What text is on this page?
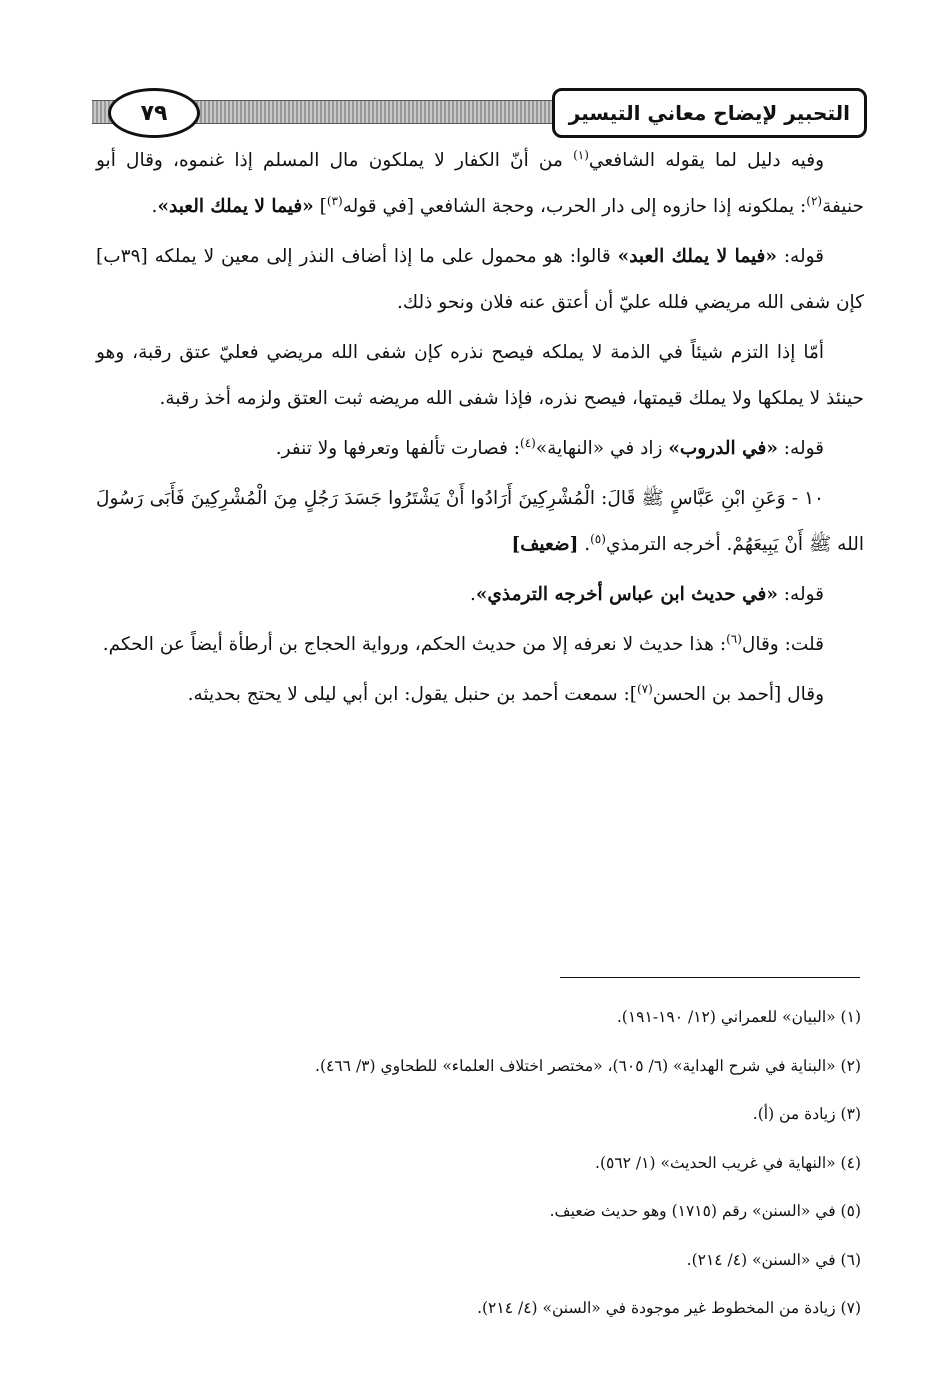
٧٩	التحبير لإيضاح معاني التيسير

وفيه دليل لما يقوله الشافعي$^{(١)}$ من أنّ الكفار لا يملكون مال المسلم إذا غنموه، وقال أبو حنيفة$^{(٢)}$: يملكونه إذا حازوه إلى دار الحرب، وحجة الشافعي [في قوله$^{(٣)}$] «فيما لا يملك العبد».

قوله: «فيما لا يملك العبد» قالوا: هو محمول على ما إذا أضاف النذر إلى معين لا يملكه [٣٩ب] كإن شفى الله مريضي فلله عليّ أن أعتق عنه فلان ونحو ذلك.

أمّا إذا التزم شيئاً في الذمة لا يملكه فيصح نذره كإن شفى الله مريضي فعليّ عتق رقبة، وهو حينئذ لا يملكها ولا يملك قيمتها، فيصح نذره، فإذا شفى الله مريضه ثبت العتق ولزمه أخذ رقبة.

قوله: «في الدروب» زاد في «النهاية»$^{(٤)}$: فصارت تألفها وتعرفها ولا تنفر.

١٠ - وَعَنِ ابْنِ عَبَّاسٍ ﷺ قَالَ: الْمُشْرِكِينَ أَرَادُوا أَنْ يَشْتَرُوا جَسَدَ رَجُلٍ مِنَ الْمُشْرِكِينَ فَأَبَى رَسُولَ الله ﷺ أَنْ يَبِيعَهُمْ. أخرجه الترمذي$^{(٥)}$. [ضعيف]

قوله: «في حديث ابن عباس أخرجه الترمذي».

قلت: وقال$^{(٦)}$: هذا حديث لا نعرفه إلا من حديث الحكم، ورواية الحجاج بن أرطأة أيضاً عن الحكم.

وقال [أحمد بن الحسن$^{(٧)}$]: سمعت أحمد بن حنبل يقول: ابن أبي ليلى لا يحتج بحديثه.

(١) «البيان» للعمراني (١٢/ ١٩٠-١٩١).
(٢) «البناية في شرح الهداية» (٦/ ٦٠٥)، «مختصر اختلاف العلماء» للطحاوي (٣/ ٤٦٦).
(٣) زيادة من (أ).
(٤) «النهاية في غريب الحديث» (١/ ٥٦٢).
(٥) في «السنن» رقم (١٧١٥) وهو حديث ضعيف.
(٦) في «السنن» (٤/ ٢١٤).
(٧) زيادة من المخطوط غير موجودة في «السنن» (٤/ ٢١٤).
